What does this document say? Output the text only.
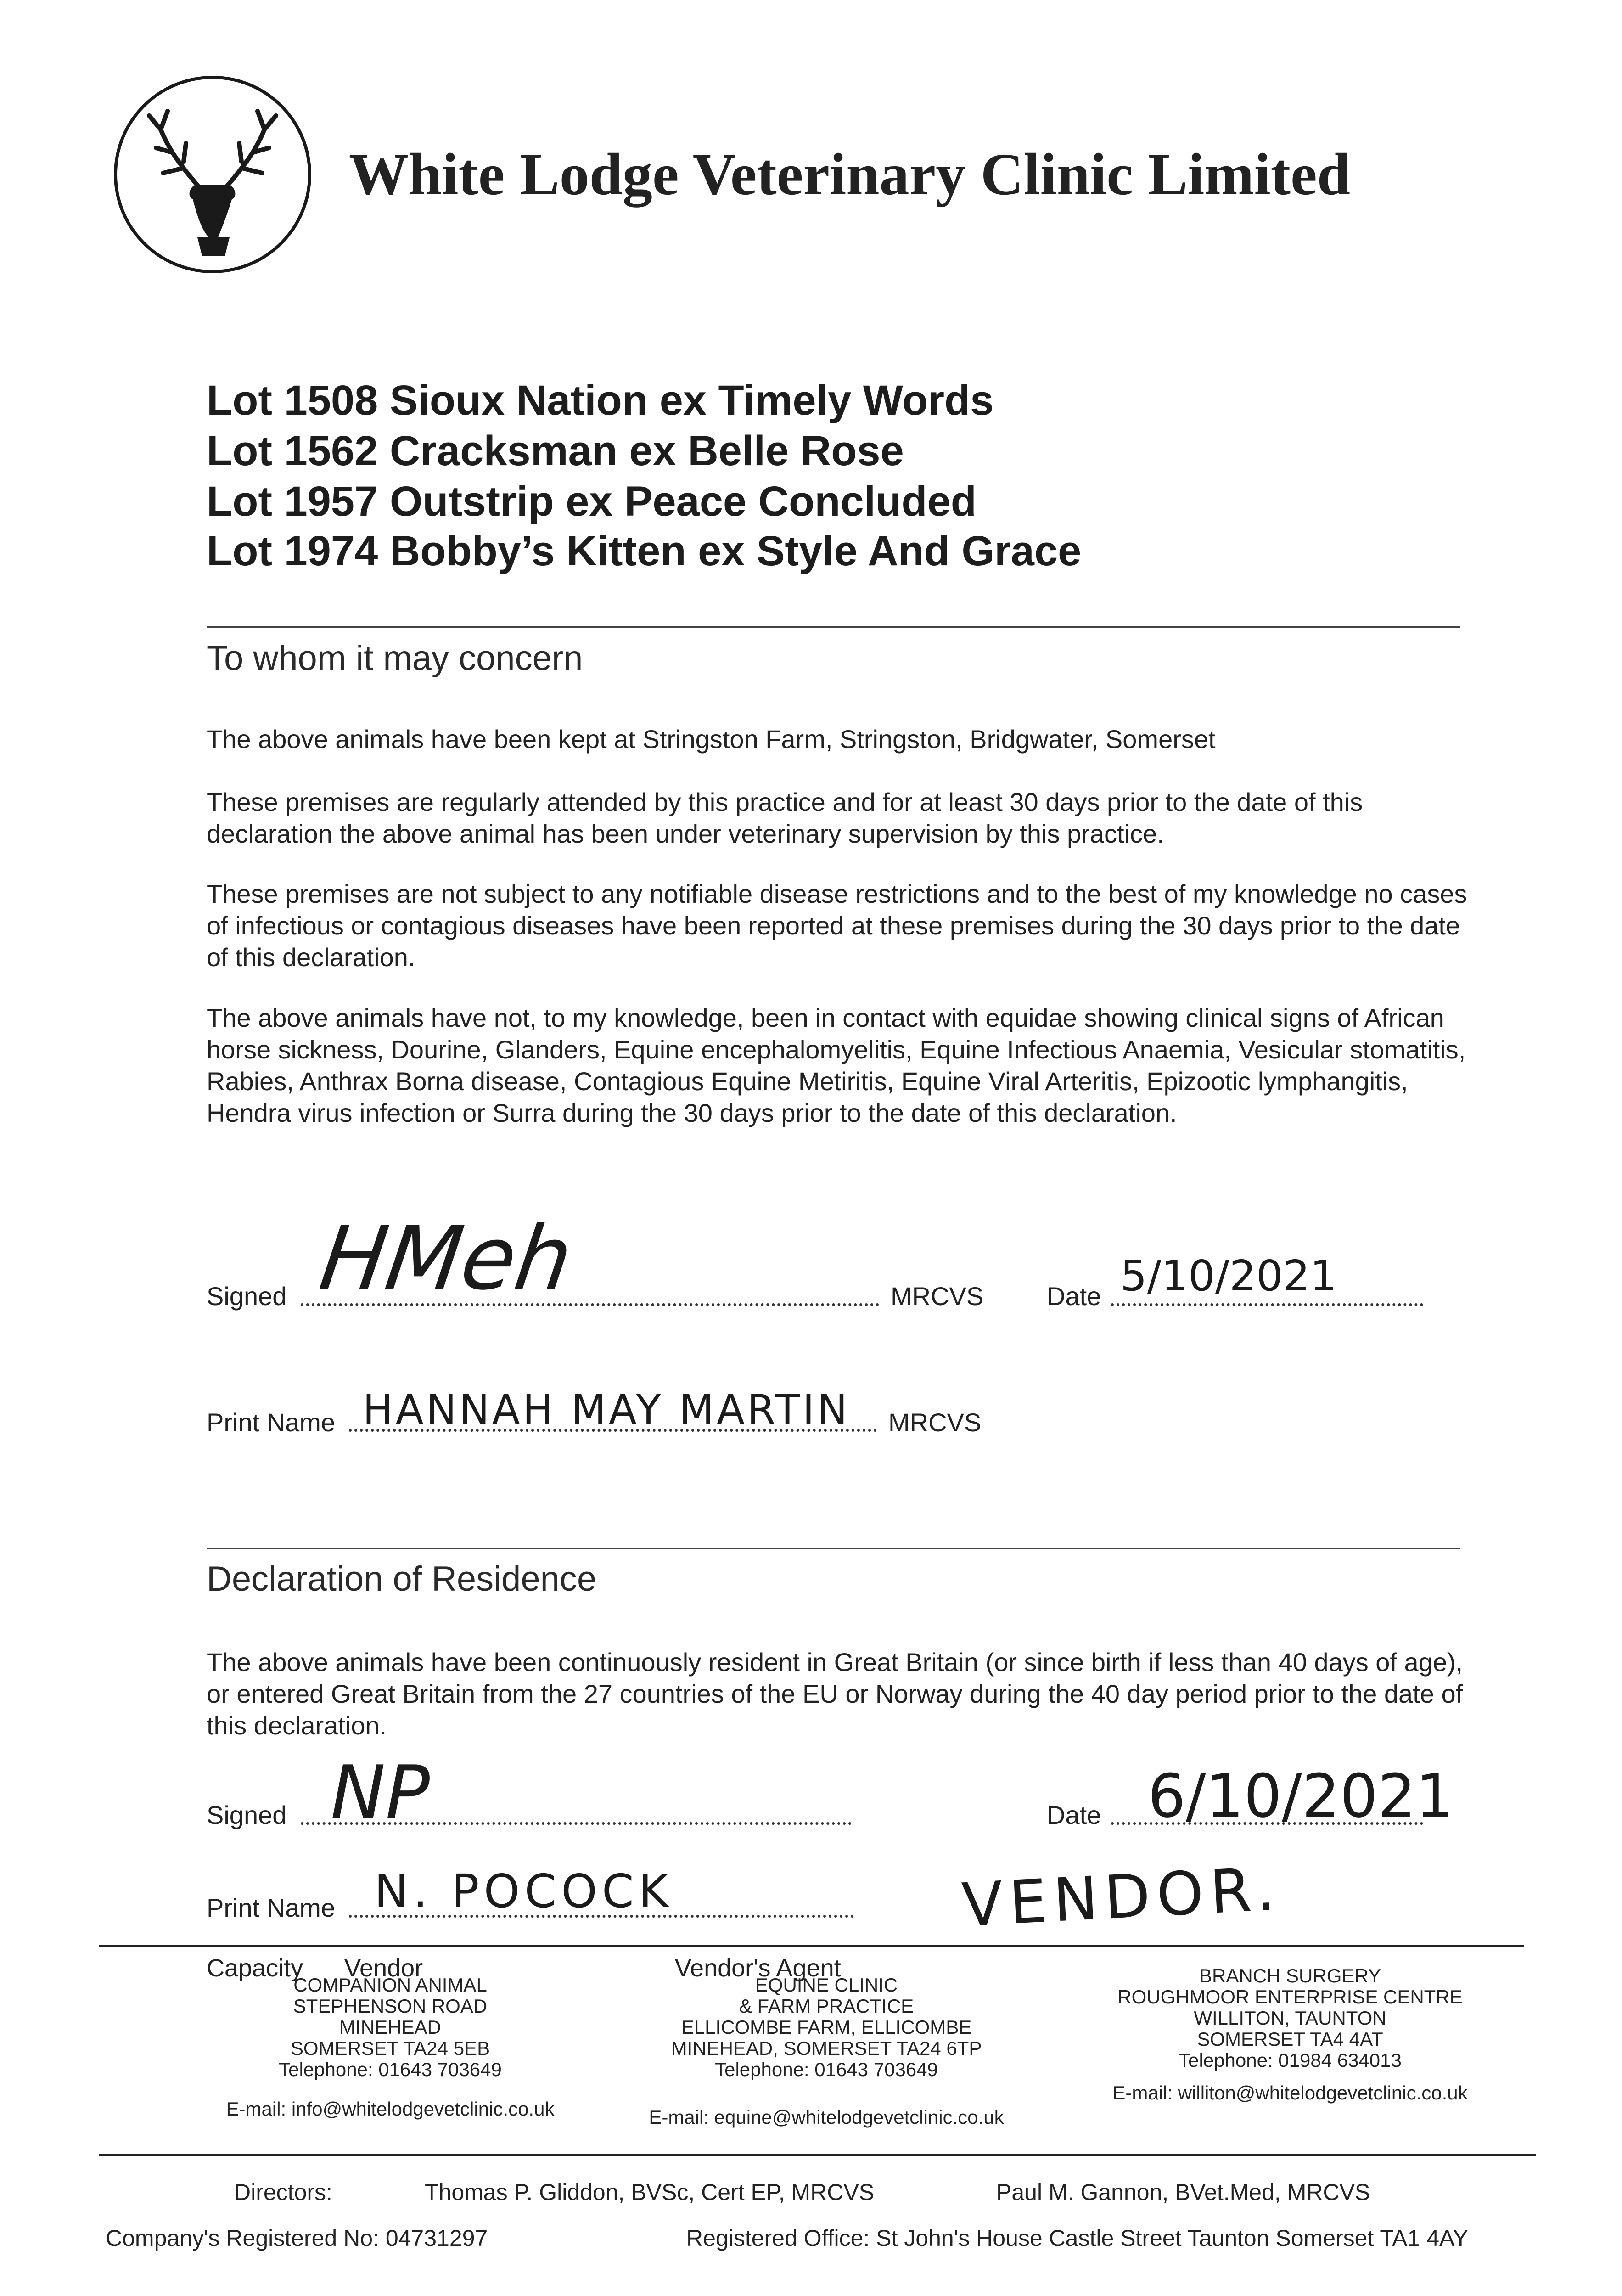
White Lodge Veterinary Clinic Limited
Lot 1508 Sioux Nation ex Timely Words
Lot 1562 Cracksman ex Belle Rose
Lot 1957 Outstrip ex Peace Concluded
Lot 1974 Bobby’s Kitten ex Style And Grace
To whom it may concern
The above animals have been kept at Stringston Farm, Stringston, Bridgwater, Somerset
These premises are regularly attended by this practice and for at least 30 days prior to the date of this declaration the above animal has been under veterinary supervision by this practice.
These premises are not subject to any notifiable disease restrictions and to the best of my knowledge no cases of infectious or contagious diseases have been reported at these premises during the 30 days prior to the date of this declaration.
The above animals have not, to my knowledge, been in contact with equidae showing clinical signs of African horse sickness, Dourine, Glanders, Equine encephalomyelitis, Equine Infectious Anaemia, Vesicular stomatitis, Rabies, Anthrax Borna disease, Contagious Equine Metiritis, Equine Viral Arteritis, Epizootic lymphangitis, Hendra virus infection or Surra during the 30 days prior to the date of this declaration.
Signed HMeh	MRCVS Date 5/10/2021
Print Name HANNAH MAY MARTIN MRCVS
Declaration of Residence
The above animals have been continuously resident in Great Britain (or since birth if less than 40 days of age), or entered Great Britain from the 27 countries of the EU or Norway during the 40 day period prior to the date of this declaration.
Signed NP	Date 6/10/2021
Print Name N. POCOCK	VENDOR.
Capacity Vendor	Vendor's Agent
COMPANION ANIMAL
STEPHENSON ROAD
MINEHEAD
SOMERSET TA24 5EB
Telephone: 01643 703649
E-mail: info@whitelodgevetclinic.co.uk
EQUINE CLINIC
& FARM PRACTICE
ELLICOMBE FARM, ELLICOMBE
MINEHEAD, SOMERSET TA24 6TP
Telephone: 01643 703649
E-mail: equine@whitelodgevetclinic.co.uk
BRANCH SURGERY
ROUGHMOOR ENTERPRISE CENTRE
WILLITON, TAUNTON
SOMERSET TA4 4AT
Telephone: 01984 634013
E-mail: williton@whitelodgevetclinic.co.uk
Directors:	Thomas P. Gliddon, BVSc, Cert EP, MRCVS	Paul M. Gannon, BVet.Med, MRCVS
Company's Registered No: 04731297	Registered Office: St John's House Castle Street Taunton Somerset TA1 4AY
